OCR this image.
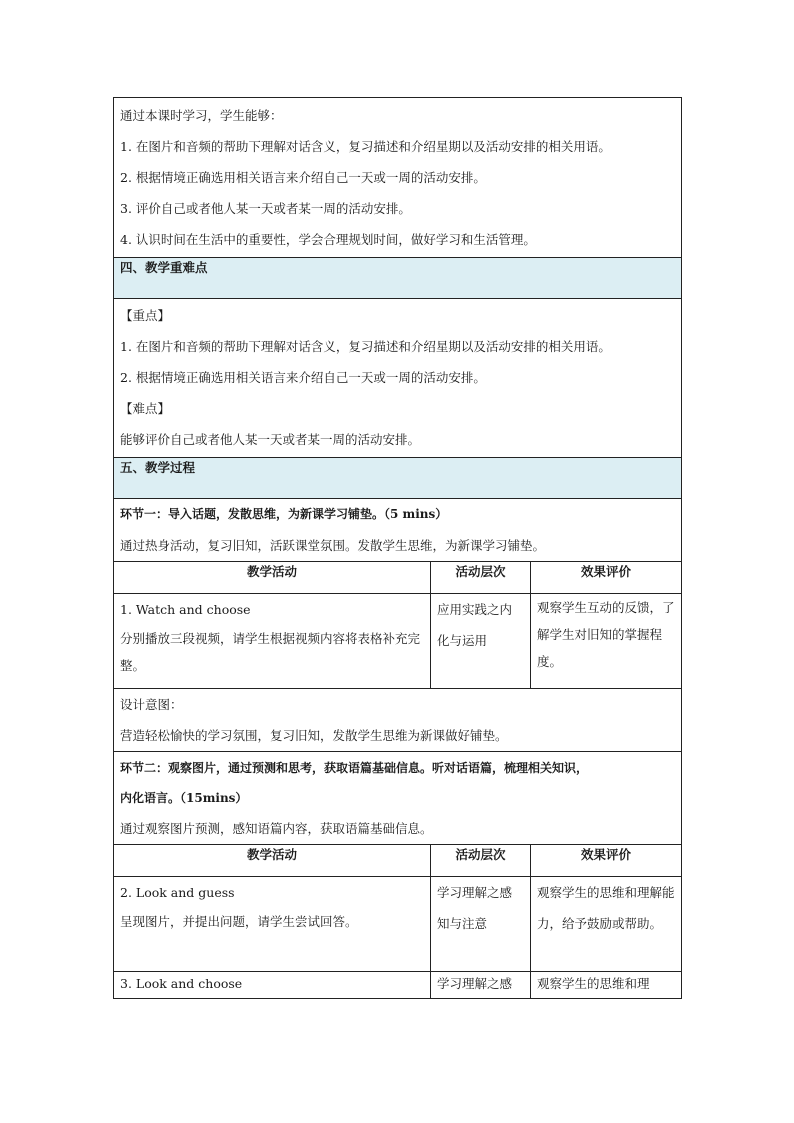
通过本课时学习，学生能够：
1. 在图片和音频的帮助下理解对话含义，复习描述和介绍星期以及活动安排的相关用语。
2. 根据情境正确选用相关语言来介绍自己一天或一周的活动安排。
3. 评价自己或者他人某一天或者某一周的活动安排。
4. 认识时间在生活中的重要性，学会合理规划时间，做好学习和生活管理。		

四、教学重难点		

【重点】
1. 在图片和音频的帮助下理解对话含义，复习描述和介绍星期以及活动安排的相关用语。
2. 根据情境正确选用相关语言来介绍自己一天或一周的活动安排。
【难点】
能够评价自己或者他人某一天或者某一周的活动安排。		

五、教学过程		

环节一：导入话题，发散思维，为新课学习铺垫。（5 mins）
通过热身活动，复习旧知，活跃课堂氛围。发散学生思维，为新课学习铺垫。		

教学活动	活动层次	效果评价

1. Watch and choose
分别播放三段视频，请学生根据视频内容将表格补充完整。	应用实践之内化与运用	观察学生互动的反馈，了解学生对旧知的掌握程度。

设计意图：
营造轻松愉快的学习氛围，复习旧知，发散学生思维为新课做好铺垫。		

环节二：观察图片，通过预测和思考，获取语篇基础信息。听对话语篇，梳理相关知识，
内化语言。（15mins）
通过观察图片预测，感知语篇内容，获取语篇基础信息。		

教学活动	活动层次	效果评价

2. Look and guess
呈现图片，并提出问题，请学生尝试回答。	学习理解之感知与注意	观察学生的思维和理解能力，给予鼓励或帮助。

3. Look and choose	学习理解之感	观察学生的思维和理
